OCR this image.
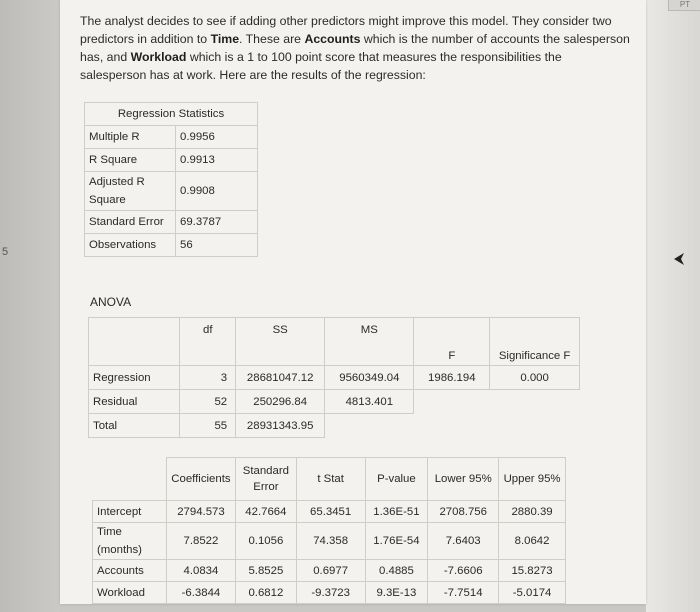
5
PT

The analyst decides to see if adding other predictors might improve this model. They consider two predictors in addition to Time. These are Accounts which is the number of accounts the salesperson has, and Workload which is a 1 to 100 point score that measures the responsibilities the salesperson has at work. Here are the results of the regression:

Regression Statistics	
Multiple R	0.9956
R Square	0.9913
Adjusted R Square	0.9908
Standard Error	69.3787
Observations	56

ANOVA

	df	SS	MS	F	Significance F
Regression	3	28681047.12	9560349.04	1986.194	0.000
Residual	52	250296.84	4813.401		
Total	55	28931343.95			
	Coefficients	Standard Error	t Stat	P-value	Lower 95%	Upper 95%
Intercept	2794.573	42.7664	65.3451	1.36E-51	2708.756	2880.39
Time (months)	7.8522	0.1056	74.358	1.76E-54	7.6403	8.0642
Accounts	4.0834	5.8525	0.6977	0.4885	-7.6606	15.8273
Workload	-6.3844	0.6812	-9.3723	9.3E-13	-7.7514	-5.0174
